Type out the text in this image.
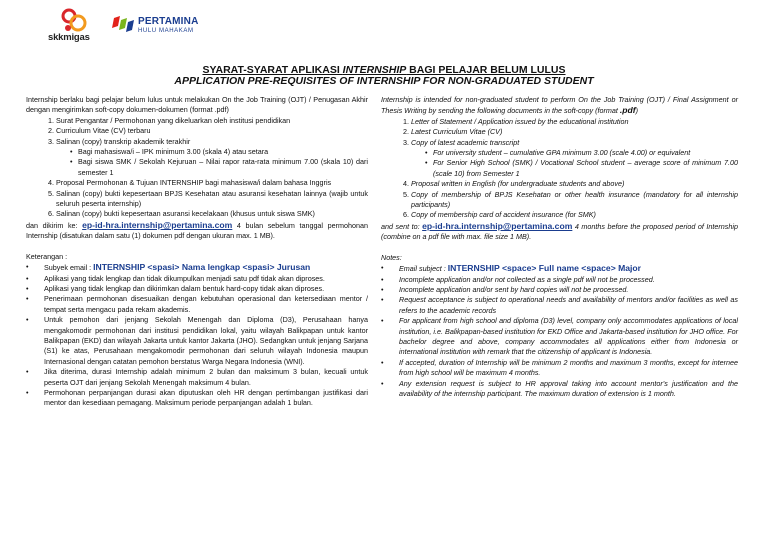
skkmigas
PERTAMINA
HULU MAHAKAM
SYARAT-SYARAT APLIKASI INTERNSHIP BAGI PELAJAR BELUM LULUS
APPLICATION PRE-REQUISITES OF INTERNSHIP FOR NON-GRADUATED STUDENT

Internship berlaku bagi pelajar belum lulus untuk melakukan On the Job Training (OJT) / Penugasan Akhir dengan mengirimkan soft-copy dokumen-dokumen (format .pdf)

1. Surat Pengantar / Permohonan yang dikeluarkan oleh institusi pendidikan
2. Curriculum Vitae (CV) terbaru
3. Salinan (copy) transkrip akademik terakhir
• Bagi mahasiswa/i – IPK minimum 3.00 (skala 4) atau setara
• Bagi siswa SMK / Sekolah Kejuruan – Nilai rapor rata-rata minimum 7.00 (skala 10) dari semester 1
4. Proposal Permohonan & Tujuan INTERNSHIP bagi mahasiswa/i dalam bahasa Inggris
5. Salinan (copy) bukti kepesertaan BPJS Kesehatan atau asuransi kesehatan lainnya (wajib untuk seluruh peserta internship)
6. Salinan (copy) bukti kepesertaan asuransi kecelakaan (khusus untuk siswa SMK)

dan dikirim ke: ep-id-hra.internship@pertamina.com 4 bulan sebelum tanggal permohonan Internship (disatukan dalam satu (1) dokumen pdf dengan ukuran max. 1 MB).

Keterangan :

• Subyek email : INTERNSHIP <spasi> Nama lengkap <spasi> Jurusan
• Aplikasi yang tidak lengkap dan tidak dikumpulkan menjadi satu pdf tidak akan diproses.
• Aplikasi yang tidak lengkap dan dikirimkan dalam bentuk hard-copy tidak akan diproses.
• Penerimaan permohonan disesuaikan dengan kebutuhan operasional dan ketersediaan mentor / tempat serta mengacu pada rekam akademis.
• Untuk pemohon dari jenjang Sekolah Menengah dan Diploma (D3), Perusahaan hanya mengakomodir permohonan dari institusi pendidikan lokal, yaitu wilayah Balikpapan untuk kantor Balikpapan (EKD) dan wilayah Jakarta untuk kantor Jakarta (JHO). Sedangkan untuk jenjang Sarjana (S1) ke atas, Perusahaan mengakomodir permohonan dari seluruh wilayah Indonesia maupun Internasional dengan catatan pemohon berstatus Warga Negara Indonesia (WNI).
• Jika diterima, durasi Internship adalah minimum 2 bulan dan maksimum 3 bulan, kecuali untuk peserta OJT dari jenjang Sekolah Menengah maksimum 4 bulan.
• Permohonan perpanjangan durasi akan diputuskan oleh HR dengan pertimbangan justifikasi dari mentor dan kesediaan pemagang. Maksimum periode perpanjangan adalah 1 bulan.

Internship is intended for non-graduated student to perform On the Job Training (OJT) / Final Assignment or Thesis Writing by sending the following documents in the soft-copy (format .pdf)

1. Letter of Statement / Application issued by the educational institution
2. Latest Curriculum Vitae (CV)
3. Copy of latest academic transcript
• For university student – cumulative GPA minimum 3.00 (scale 4.00) or equivalent
• For Senior High School (SMK) / Vocational School student – average score of minimum 7.00 (scale 10) from Semester 1
4. Proposal written in English (for undergraduate students and above)
5. Copy of membership of BPJS Kesehatan or other health insurance (mandatory for all internship participants)
6. Copy of membership card of accident insurance (for SMK)

and sent to: ep-id-hra.internship@pertamina.com 4 months before the proposed period of Internship (combine on a pdf file with max. file size 1 MB).

Notes:

• Email subject : INTERNSHIP <space> Full name <space> Major
• Incomplete application and/or not collected as a single pdf will not be processed.
• Incomplete application and/or sent by hard copies will not be processed.
• Request acceptance is subject to operational needs and availability of mentors and/or facilities as well as refers to the academic records
• For applicant from high school and diploma (D3) level, company only accommodates applications of local institution, i.e. Balikpapan-based institution for EKD Office and Jakarta-based institution for JHO office. For bachelor degree and above, company accommodates all applications either from Indonesia or international institution with remark that the citizenship of applicant is Indonesia.
• If accepted, duration of Internship will be minimum 2 months and maximum 3 months, except for internee from high school will be maximum 4 months.
• Any extension request is subject to HR approval taking into account mentor's justification and the availability of the internship participant. The maximum duration of extension is 1 month.
